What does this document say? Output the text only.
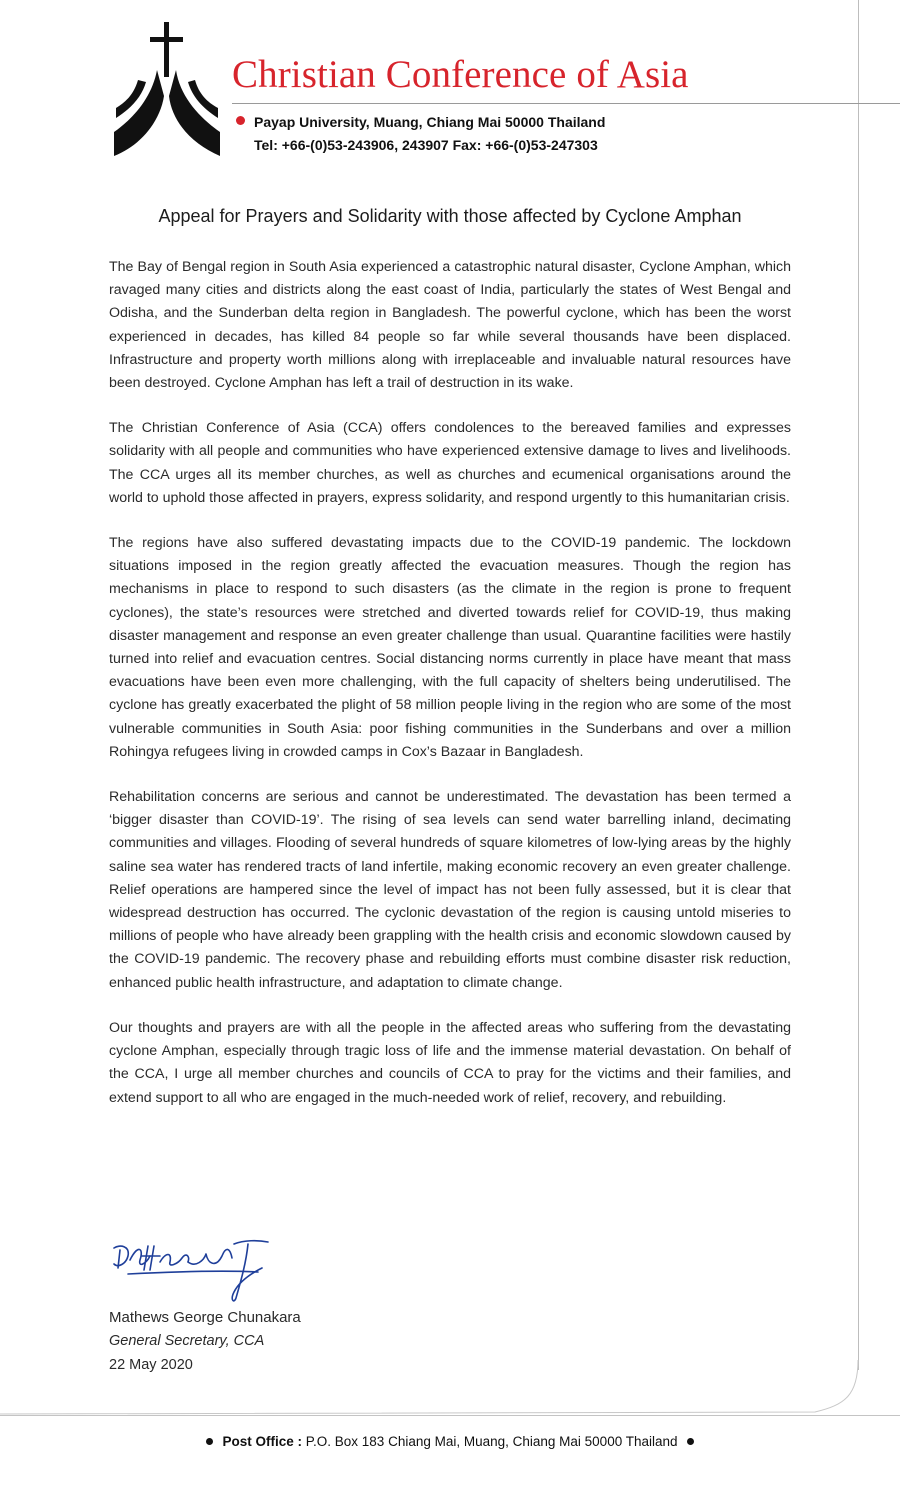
Christian Conference of Asia
Payap University, Muang, Chiang Mai 50000 Thailand
Tel: +66-(0)53-243906, 243907 Fax: +66-(0)53-247303
Appeal for Prayers and Solidarity with those affected by Cyclone Amphan

The Bay of Bengal region in South Asia experienced a catastrophic natural disaster, Cyclone Amphan, which ravaged many cities and districts along the east coast of India, particularly the states of West Bengal and Odisha, and the Sunderban delta region in Bangladesh. The powerful cyclone, which has been the worst experienced in decades, has killed 84 people so far while several thousands have been displaced. Infrastructure and property worth millions along with irreplaceable and invaluable natural resources have been destroyed. Cyclone Amphan has left a trail of destruction in its wake.

The Christian Conference of Asia (CCA) offers condolences to the bereaved families and expresses solidarity with all people and communities who have experienced extensive damage to lives and livelihoods. The CCA urges all its member churches, as well as churches and ecumenical organisations around the world to uphold those affected in prayers, express solidarity, and respond urgently to this humanitarian crisis.

The regions have also suffered devastating impacts due to the COVID-19 pandemic. The lockdown situations imposed in the region greatly affected the evacuation measures. Though the region has mechanisms in place to respond to such disasters (as the climate in the region is prone to frequent cyclones), the state’s resources were stretched and diverted towards relief for COVID-19, thus making disaster management and response an even greater challenge than usual. Quarantine facilities were hastily turned into relief and evacuation centres. Social distancing norms currently in place have meant that mass evacuations have been even more challenging, with the full capacity of shelters being underutilised. The cyclone has greatly exacerbated the plight of 58 million people living in the region who are some of the most vulnerable communities in South Asia: poor fishing communities in the Sunderbans and over a million Rohingya refugees living in crowded camps in Cox’s Bazaar in Bangladesh.

Rehabilitation concerns are serious and cannot be underestimated. The devastation has been termed a ‘bigger disaster than COVID-19’. The rising of sea levels can send water barrelling inland, decimating communities and villages. Flooding of several hundreds of square kilometres of low-lying areas by the highly saline sea water has rendered tracts of land infertile, making economic recovery an even greater challenge. Relief operations are hampered since the level of impact has not been fully assessed, but it is clear that widespread destruction has occurred. The cyclonic devastation of the region is causing untold miseries to millions of people who have already been grappling with the health crisis and economic slowdown caused by the COVID-19 pandemic. The recovery phase and rebuilding efforts must combine disaster risk reduction, enhanced public health infrastructure, and adaptation to climate change.

Our thoughts and prayers are with all the people in the affected areas who suffering from the devastating cyclone Amphan, especially through tragic loss of life and the immense material devastation. On behalf of the CCA, I urge all member churches and councils of CCA to pray for the victims and their families, and extend support to all who are engaged in the much-needed work of relief, recovery, and rebuilding.

Mathews George Chunakara
General Secretary, CCA
22 May 2020
Post Office : P.O. Box 183 Chiang Mai, Muang, Chiang Mai 50000 Thailand
